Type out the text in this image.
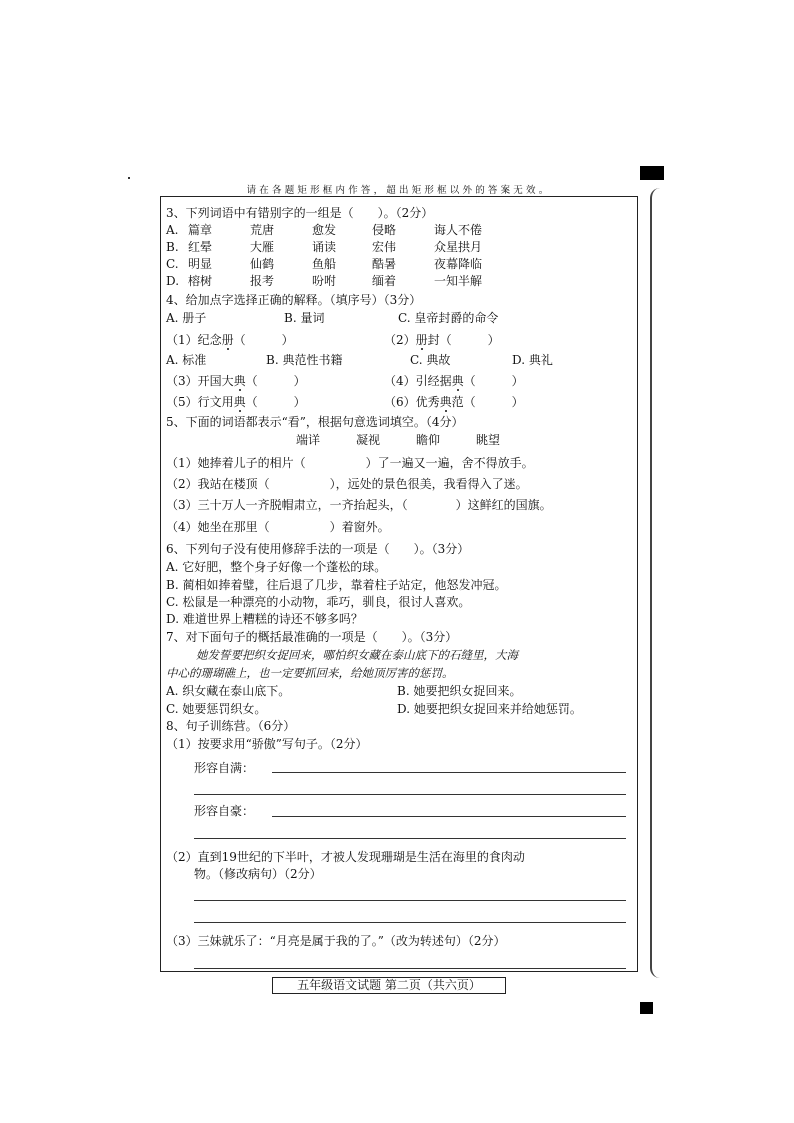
请在各题矩形框内作答，超出矩形框以外的答案无效。
3、下列词语中有错别字的一组是（　　）。（2分）
A. 篇章	荒唐	愈发	侵略	诲人不倦
B. 红晕	大雁	诵读	宏伟	众星拱月
C. 明显	仙鹤	鱼船	酷暑	夜幕降临
D. 榕树	报考	吩咐	缅着	一知半解
4、给加点字选择正确的解释。（填序号）（3分）
A. 册子	B. 量词	C. 皇帝封爵的命令
（1）纪念册（　　　）	（2）册封（　　　）
A. 标准	B. 典范性书籍	C. 典故	D. 典礼
（3）开国大典（　　　）	（4）引经据典（　　　）
（5）行文用典（　　　）	（6）优秀典范（　　　）
5、下面的词语都表示“看”，根据句意选词填空。（4分）
端详	凝视	瞻仰	眺望
（1）她捧着儿子的相片（　　　　　）了一遍又一遍，舍不得放手。
（2）我站在楼顶（　　　　　），远处的景色很美，我看得入了迷。
（3）三十万人一齐脱帽肃立，一齐抬起头，（　　　　）这鲜红的国旗。
（4）她坐在那里（　　　　　）着窗外。
6、下列句子没有使用修辞手法的一项是（　　）。（3分）
A. 它好肥，整个身子好像一个蓬松的球。
B. 蔺相如捧着璧，往后退了几步，靠着柱子站定，他怒发冲冠。
C. 松鼠是一种漂亮的小动物，乖巧，驯良，很讨人喜欢。
D. 难道世界上糟糕的诗还不够多吗？
7、对下面句子的概括最准确的一项是（　　）。（3分）
她发誓要把织女捉回来，哪怕织女藏在泰山底下的石缝里，大海
中心的珊瑚礁上，也一定要抓回来，给她顶厉害的惩罚。
A. 织女藏在泰山底下。	B. 她要把织女捉回来。
C. 她要惩罚织女。	D. 她要把织女捉回来并给她惩罚。
8、句子训练营。（6分）
（1）按要求用“骄傲”写句子。（2分）
形容自满：
形容自豪：
（2）直到19世纪的下半叶，才被人发现珊瑚是生活在海里的食肉动
物。（修改病句）（2分）
（3）三妹就乐了：“月亮是属于我的了。”（改为转述句）（2分）
五年级语文试题 第二页（共六页）
